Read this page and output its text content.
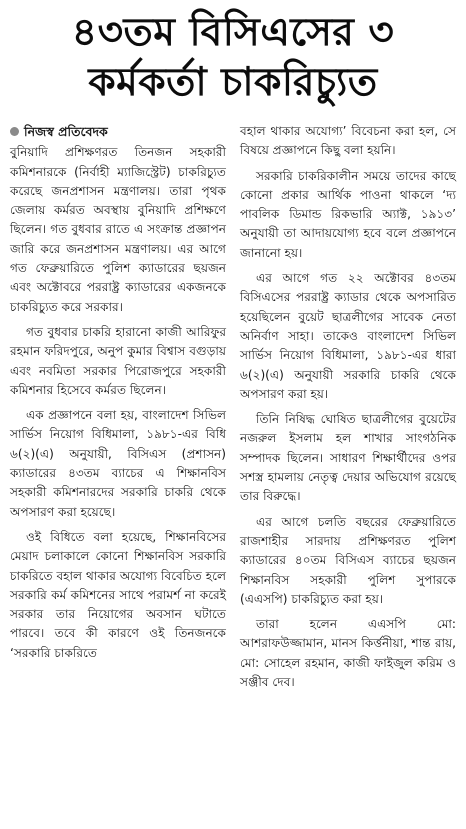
৪৩তম বিসিএসের ৩
কর্মকর্তা চাকরিচ্যুত
নিজস্ব প্রতিবেদক

বুনিয়াদি প্রশিক্ষণরত তিনজন সহকারী কমিশনারকে (নির্বাহী ম্যাজিস্ট্রেট) চাকরিচ্যুত করেছে জনপ্রশাসন মন্ত্রণালয়। তারা পৃথক জেলায় কর্মরত অবস্থায় বুনিয়াদি প্রশিক্ষণে ছিলেন। গত বুধবার রাতে এ সংক্রান্ত প্রজ্ঞাপন জারি করে জনপ্রশাসন মন্ত্রণালয়। এর আগে গত ফেব্রুয়ারিতে পুলিশ ক্যাডারের ছয়জন এবং অক্টোবরে পররাষ্ট্র ক্যাডারের একজনকে চাকরিচ্যুত করে সরকার।

গত বুধবার চাকরি হারানো কাজী আরিফুর রহমান ফরিদপুরে, অনুপ কুমার বিশ্বাস বগুড়ায় এবং নবমিতা সরকার পিরোজপুরে সহকারী কমিশনার হিসেবে কর্মরত ছিলেন।

এক প্রজ্ঞাপনে বলা হয়, বাংলাদেশ সিভিল সার্ভিস নিয়োগ বিধিমালা, ১৯৮১-এর বিধি ৬(২)(এ) অনুযায়ী, বিসিএস (প্রশাসন) ক্যাডারের ৪৩তম ব্যাচের এ শিক্ষানবিস সহকারী কমিশনারদের সরকারি চাকরি থেকে অপসারণ করা হয়েছে।

ওই বিধিতে বলা হয়েছে, শিক্ষানবিসের মেয়াদ চলাকালে কোনো শিক্ষানবিস সরকারি চাকরিতে বহাল থাকার অযোগ্য বিবেচিত হলে সরকারি কর্ম কমিশনের সাথে পরামর্শ না করেই সরকার তার নিয়োগের অবসান ঘটাতে পারবে। তবে কী কারণে ওই তিনজনকে ‘সরকারি চাকরিতে

বহাল থাকার অযোগ্য’ বিবেচনা করা হল, সে বিষয়ে প্রজ্ঞাপনে কিছু বলা হয়নি।

সরকারি চাকরিকালীন সময়ে তাদের কাছে কোনো প্রকার আর্থিক পাওনা থাকলে ‘দ্য পাবলিক ডিমান্ড রিকভারি অ্যাক্ট, ১৯১৩’ অনুযায়ী তা আদায়যোগ্য হবে বলে প্রজ্ঞাপনে জানানো হয়।

এর আগে গত ২২ অক্টোবর ৪৩তম বিসিএসের পররাষ্ট্র ক্যাডার থেকে অপসারিত হয়েছিলেন বুয়েট ছাত্রলীগের সাবেক নেতা অনির্বাণ সাহা। তাকেও বাংলাদেশ সিভিল সার্ভিস নিয়োগ বিধিমালা, ১৯৮১-এর ধারা ৬(২)(এ) অনুযায়ী সরকারি চাকরি থেকে অপসারণ করা হয়।

তিনি নিষিদ্ধ ঘোষিত ছাত্রলীগের বুয়েটের নজরুল ইসলাম হল শাখার সাংগঠনিক সম্পাদক ছিলেন। সাধারণ শিক্ষার্থীদের ওপর সশস্ত্র হামলায় নেতৃত্ব দেয়ার অভিযোগ রয়েছে তার বিরুদ্ধে।

এর আগে চলতি বছরের ফেব্রুয়ারিতে রাজশাহীর সারদায় প্রশিক্ষণরত পুলিশ ক্যাডারের ৪০তম বিসিএস ব্যাচের ছয়জন শিক্ষানবিস সহকারী পুলিশ সুপারকে (এএসপি) চাকরিচ্যুত করা হয়।

তারা হলেন এএসপি মো: আশরাফউজ্জামান, মানস কির্ত্তনীয়া, শান্ত রায়, মো: সোহেল রহমান, কাজী ফাইজুল করিম ও সঞ্জীব দেব।
